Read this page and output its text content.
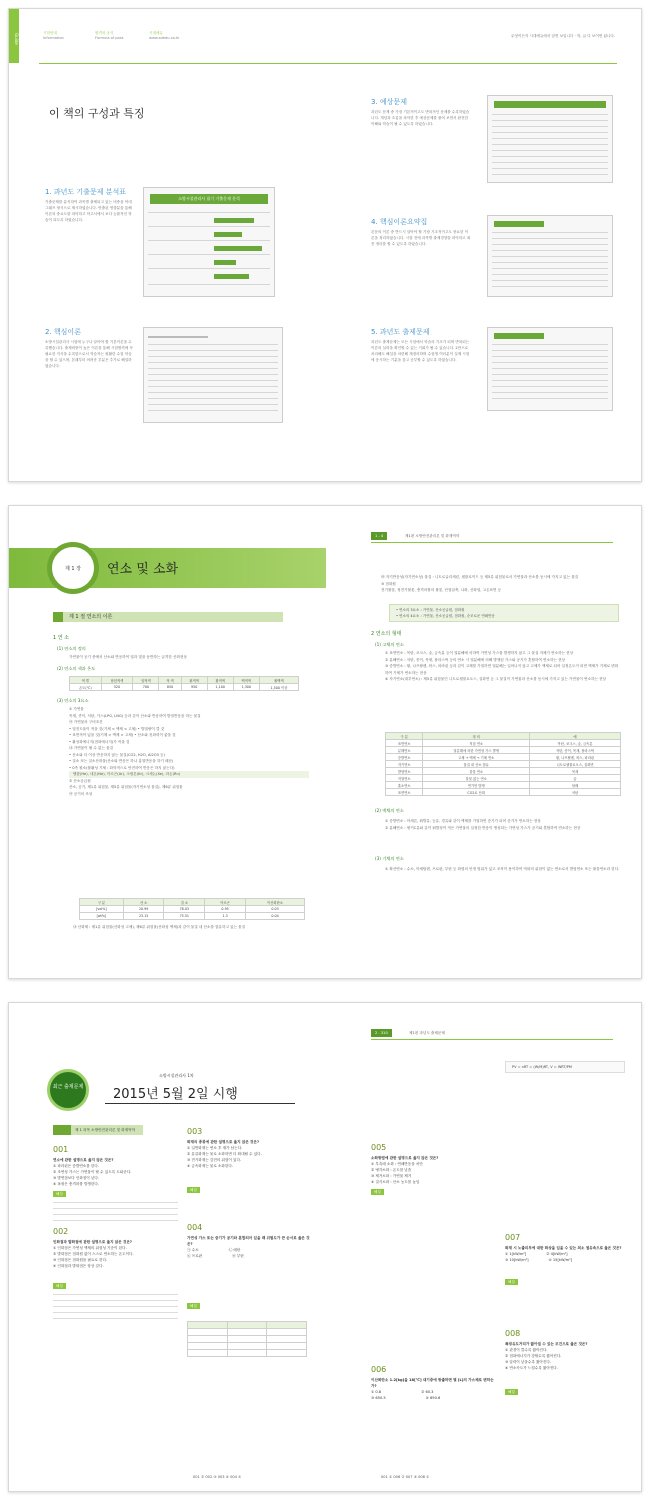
Guide
시험안내
Information
합격의 공식
Formula of pass
시대에듀
www.sdedu.co.kr	무엇이든지 시대에듀에서 알면 보입니다 · 학, 글 다 보이면 됩니다.
이 책의 구성과 특징
1. 과년도 기출문제 분석표
기출문제를 분석하여 과목별 출제되고 있는 비중을 막대그래프 형식으로 제시하였습니다. 빈출된 영향분을 통해 이론의 중요도를 파악하고 학고서에서 보다 능률적인 학습이 되도록 하였습니다.
소방시설관리사 필기 기출문제 분석
2. 핵심이론
소방시설관리사 시험에 누구나 알아야 할 기본이론을 수록했습니다. 출제비중이 높은 이론을 통해 시험합격에 꼭 필요한 지식을 수록함으로서 학습자는 원활한 수험 학습을 할 수 있으며, 본래부터 어려운 부분은 추가로 해설하였습니다.
3. 예상문제
과년도 문제 중 가장 기본적이고도 반복적인 문제를 수록하였습니다. 개념과 흐름을 파악한 후 예상문제를 풀어 보면서 완전한 이해와 학습이 될 수 있도록 하였습니다.
4. 핵심이론요약집
본문의 이론 중 반드시 알아야 할 가장 기초적이고도 중요한 이론을 정리하였습니다. 시험 전에 과목별 출제경향을 파악하고 최종 정리를 할 수 있도록 하였습니다.
5. 과년도 출제문제
과년도 출제문제는 모든 시험에서 학습의 기초가 되며 반복되는 이론의 실력을 확인할 수 있는 기회가 될 수 있습니다. 2만으로 처리해도 해설을 마련해 재정의하며 수험생 여러분이 실제 시험에 응시하는 기분을 갖고 공부할 수 있도록 하였습니다.
제 1 장 연소 및 소화
제 1 절 연소의 이론
1 연 소
(1) 연소의 정의
가연물이 공기 중에서 산소와 반응하여 열과 빛을 동반하는 급격한 산화현상
(2) 연소의 색과 온도
색 별	담암적색	암적색	적 색	휘적색	황적색	백적색	휘백색
온도(℃)	520	700	850	950	1,100	1,300	1,500 이상
(3) 연소의 3요소
① 가연물
목재, 종이, 석탄, 가스(LPG, LNG) 등과 같이 산소와 반응하여 발열반응을 하는 물질
㉮ 가연물의 구비조건
• 열전도율이 적을 것(기체 < 액체 < 고체) • 발열량이 클 것
• 표면적이 넓을 것(기체 > 액체 > 고체) • 산소와 친화력이 좋을 것
• 활성화에너지(점화에너지)가 작을 것
㉯ 가연물이 될 수 없는 물질
• 산소와 더 이상 반응하지 않는 물질(CO2, H2O, Al2O3 등)
• 질소 또는 질소산화물(산소와 반응은 하나 흡열반응을 하기 때문)
• 0족 원소(불활성 기체 : 화학적으로 안전하여 반응은 하지 않는다)
헬륨(He), 네온(Ne), 아르곤(Ar), 크립톤(Kr), 크세논(Xe), 라돈(Rn)
② 산소공급원
산소, 공기, 제1류 위험물, 제5류 위험물(자기연소성 물질), 제6류 위험물
㉮ 공기의 조성
구 분	산 소	질 소	아르곤	이산화탄소
[vol%]	20.99	78.03	0.95	0.03
[wt%]	23.15	75.51	1.3	0.04
㉯ 산화제 : 제1류 위험물(산화성 고체), 제6류 위험물(산화성 액체)과 같이 물질 내 산소를 함유하고 있는 물질
1 - 4	제1편 소방안전관리론 및 화재역학
㉰ 자기반응성(자기연소성) 물질 : 니트로글리세린, 셀룰로이드 등 제5류 위험물로서 가연물과 산소를 동시에 가지고 있는 물질
③ 점화원
전기불꽃, 정전기불꽃, 충격마찰의 불꽃, 단열압축, 나화, 산화열, 고온표면 등
• 연소의 3요소 : 가연물, 산소공급원, 점화원
• 연소의 4요소 : 가연물, 산소공급원, 점화원, 순조로운 연쇄반응
2 연소의 형태
(1) 고체의 연소
① 표면연소 : 목탄, 코크스, 숯, 금속분 등이 열분해에 의하여 가연성 가스를 발생하지 않고 그 물질 자체가 연소하는 현상
② 분해연소 : 석탄, 종이, 목재, 플라스틱 등의 연소 시 열분해에 의해 발생된 가스와 공기가 혼합하여 연소하는 현상
③ 증발연소 : 황, 나프탈렌, 왁스, 파라핀 등과 같이 고체를 가열하면 열분해는 일어나지 않고 고체가 액체로 되어 일정온도가 되면 액체가 기체로 변화하여 기체가 연소하는 현상
④ 자기연소(내부연소) : 제5류 위험물인 니트로셀룰로오스, 질화면 등 그 물질이 가연물과 산소를 동시에 가지고 있는 가연물이 연소하는 현상
구 분	정 의	예
표면연소	직접 연소	목탄, 코크스, 숯, 금속분
분해연소	열분해에 의한 가연성 가스 발생	석탄, 종이, 목재, 플라스틱
증발연소	고체 → 액체 → 기체 연소	황, 나프탈렌, 왁스, 파라핀
자기연소	물질 내 산소 함유	니트로셀룰로오스, 질화면
발염연소	불꽃 연소	목재
작열연소	불꽃 없는 연소	숯
훈소연소	연기만 발생	담배
표면연소	CO2로 산화	석탄
(2) 액체의 연소
① 증발연소 : 아세톤, 휘발유, 등유, 경유와 같이 액체를 가열하면 증기가 되어 증기가 연소하는 현상
② 분해연소 : 벙커C유와 같이 휘발성이 적은 가연물의 일정한 반응이 생성되는 가연성 가스가 공기와 혼합하여 연소하는 현상
(3) 기체의 연소
① 확산연소 : 수소, 아세틸렌, 프로판, 부탄 등 화염의 안정 범위가 넓고 조작이 용이하여 역화의 위험이 없는 연소로서 발염연소 또는 불꽃연소라 한다.
최근 출제문제
소방시설관리사 1차
2015년 5월 2일 시행
제 1 과목 소방안전관리론 및 화재역학
001
연소에 관한 설명으로 옳지 않은 것은?
① 파라핀은 증발연소를 한다.
② 조연성 가스는 가연물이 탈 수 있도록 도와준다.
③ 발연점보다 인화점이 낮다.
④ 폭굉은 충격파를 발생한다.
해설
002
인화점과 발화점에 관한 설명으로 옳지 않은 것은?
① 인화점은 가연성 액체의 위험성 기준이 된다.
② 발화점은 점화원 없이 스스로 연소하는 온도이다.
③ 인화점은 점화원을 필요로 한다.
④ 인화점과 발화점은 항상 같다.
해설
003
화재의 종류에 관한 설명으로 옳지 않은 것은?
① 일반화재는 연소 후 재가 남는다.
② 유류화재는 물로 소화하면 더 확대될 수 있다.
③ 전기화재는 감전의 위험이 있다.
④ 금속화재는 물로 소화한다.
해설
004
가연성 가스 또는 증기가 공기와 혼합되어 있을 때 위험도가 큰 순서로 옳은 것은?
㉠ 수소	㉡ 메탄
㉢ 프로판	㉣ 부탄
해설

001 ② 002 ③ 003 ④ 004 ①
2 - 310	제1편 과년도 출제문제
005
소화방법에 관한 설명으로 옳지 않은 것은?
① 부촉매 소화 : 연쇄반응을 차단
② 냉각소화 : 온도를 낮춤
③ 제거소화 : 가연물 제거
④ 질식소화 : 산소 농도를 높임
해설
006
이산화탄소 1.2[kg]을 18[℃] 대기중에 방출하면 몇 [L]의 가스체로 변하는가?
① 0.8	② 60.3
③ 650.5	④ 690.6
PV = nRT = (W/M)RT, V = WRT/PM
007
화재 시 노출피부에 대한 화상을 입을 수 있는 최소 열유속으로 옳은 것은?
① 1[kW/m²]	② 4[kW/m²]
③ 10[kW/m²]	④ 15[kW/m²]
해설
008
폭굉유도거리가 짧아질 수 있는 조건으로 옳은 것은?
① 관경이 클수록 짧아진다.
② 점화에너지가 강할수록 짧아진다.
③ 압력이 낮을수록 짧아진다.
④ 연소속도가 느릴수록 짧아진다.
해설
001 ① 006 ② 007 ③ 008 ①
